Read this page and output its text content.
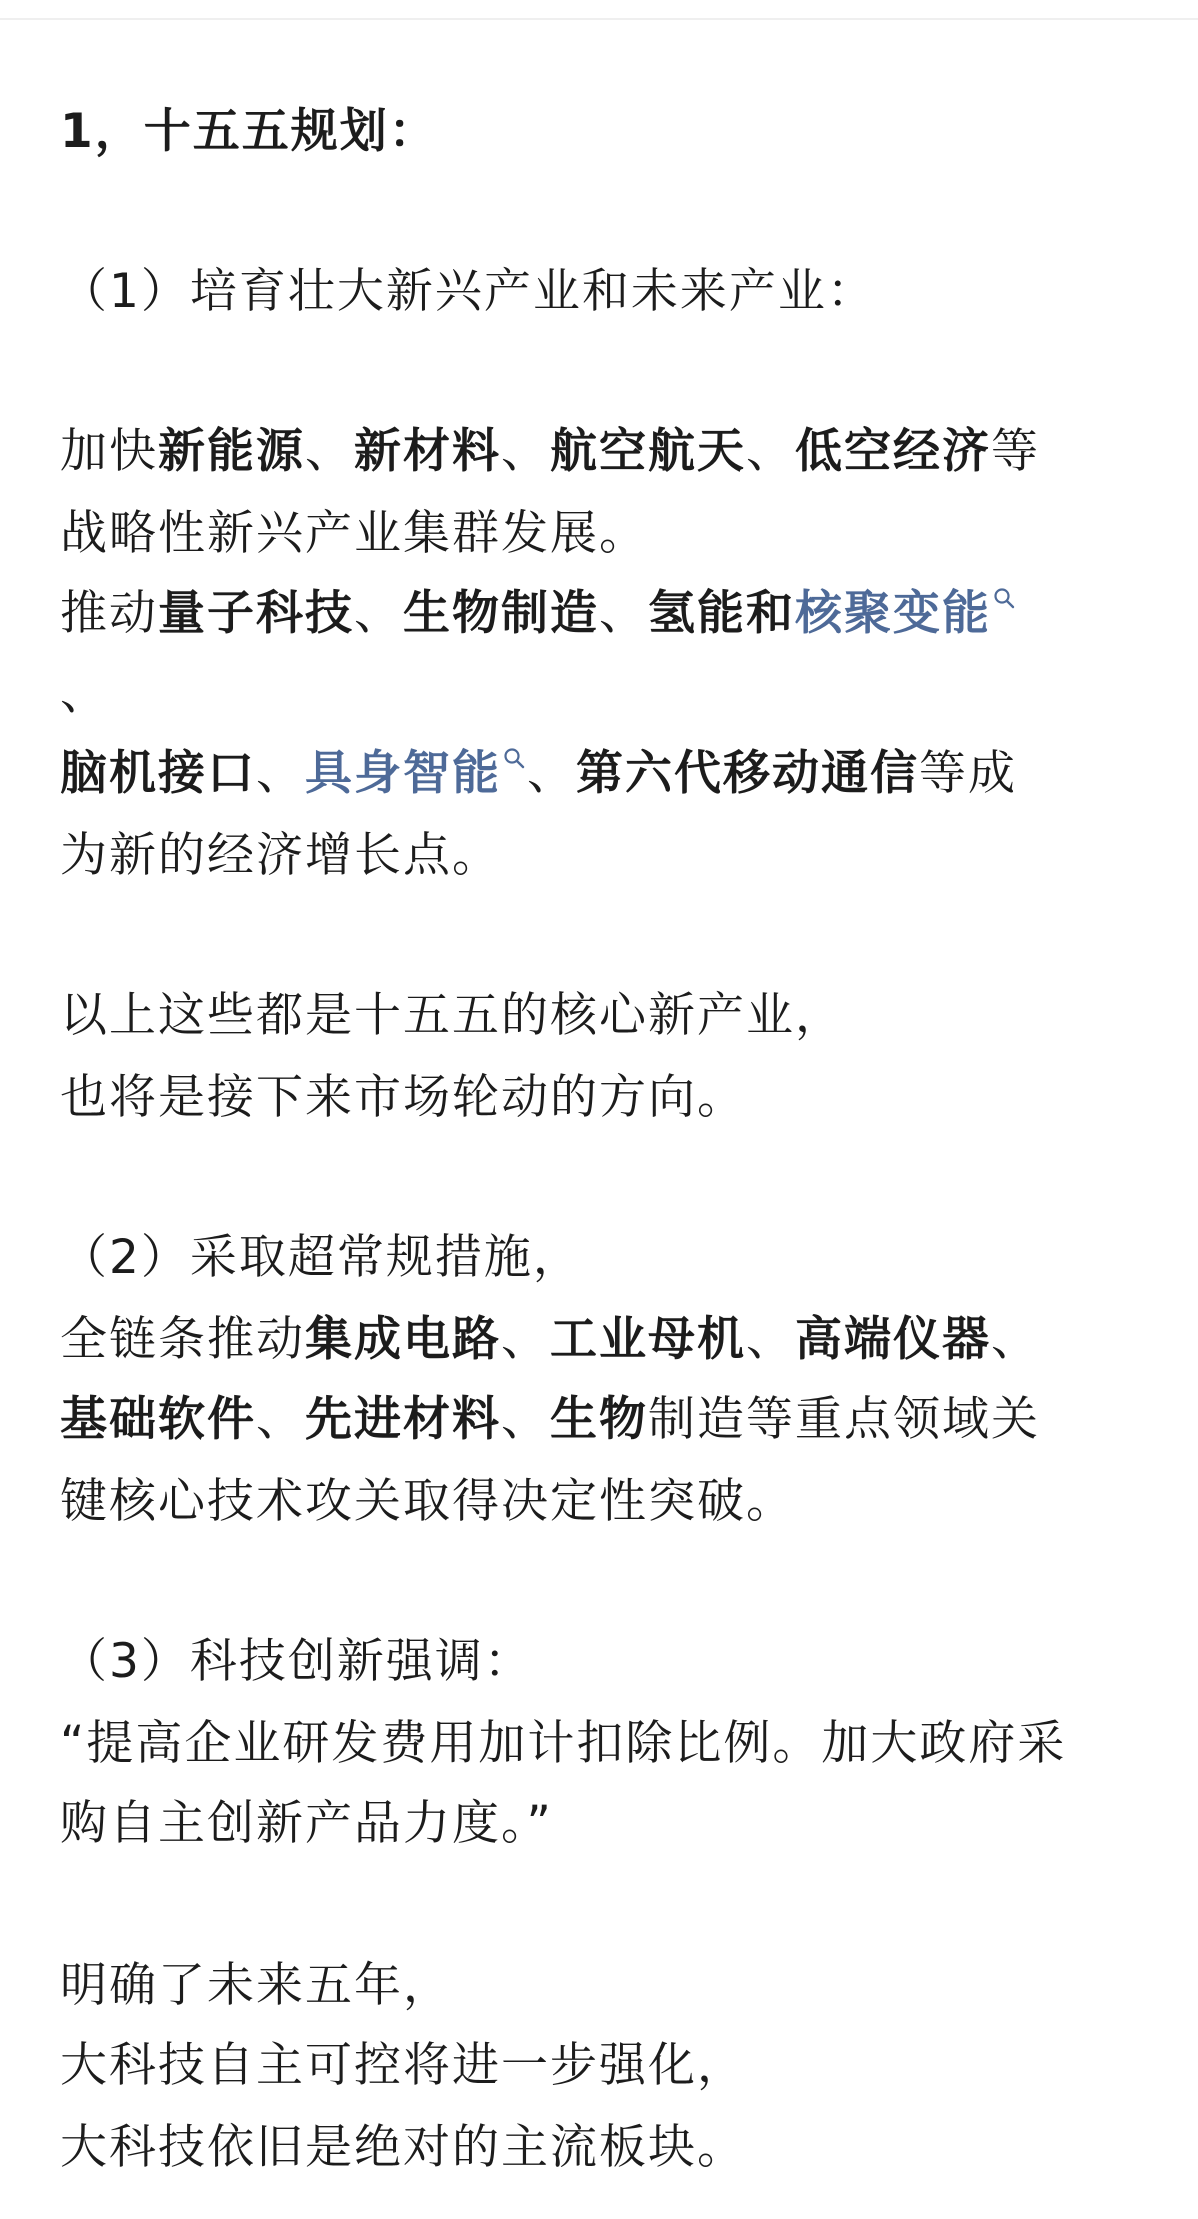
1，十五五规划：
（1）培育壮大新兴产业和未来产业：
加快新能源、新材料、航空航天、低空经济等
战略性新兴产业集群发展。
推动量子科技、生物制造、氢能和核聚变能
、
脑机接口、具身智能 、第六代移动通信等成
为新的经济增长点。
以上这些都是十五五的核心新产业，
也将是接下来市场轮动的方向。
（2）采取超常规措施，
全链条推动集成电路、工业母机、高端仪器、
基础软件、先进材料、生物制造等重点领域关
键核心技术攻关取得决定性突破。
（3）科技创新强调：
“提高企业研发费用加计扣除比例。加大政府采
购自主创新产品力度。”
明确了未来五年，
大科技自主可控将进一步强化，
大科技依旧是绝对的主流板块。
